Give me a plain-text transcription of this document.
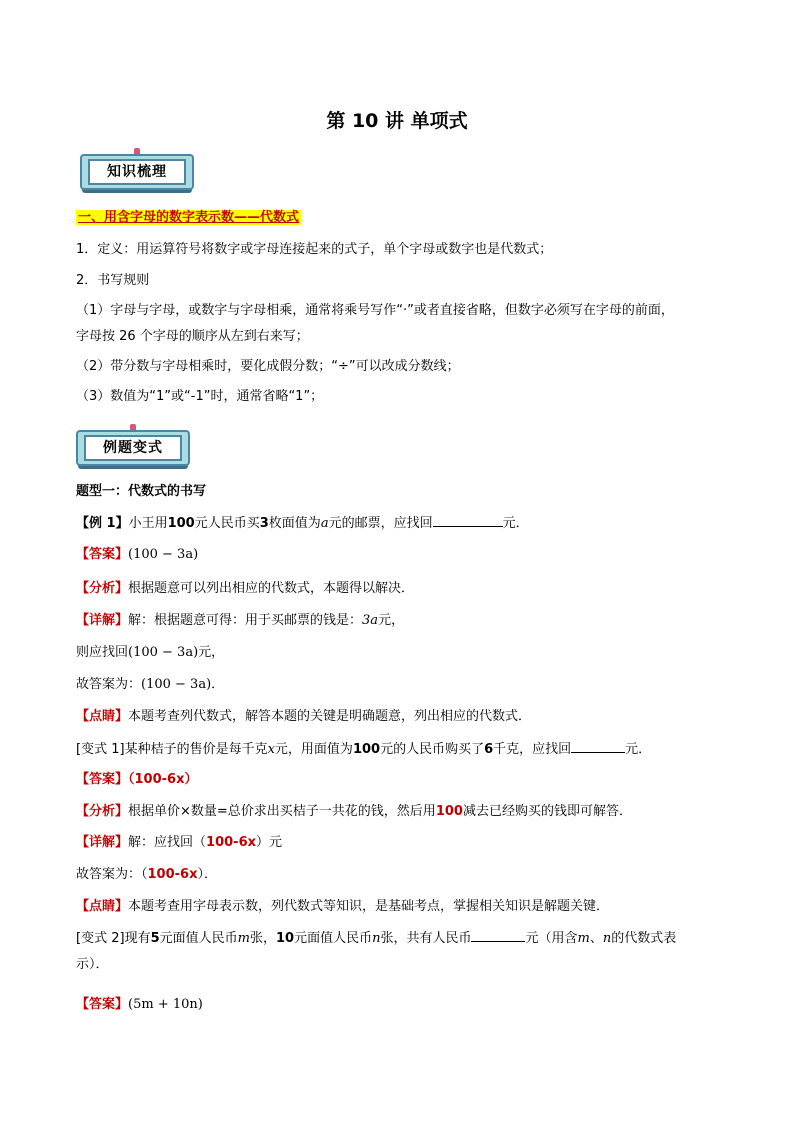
第 10 讲 单项式
知识梳理
一、用含字母的数字表示数——代数式
1．定义：用运算符号将数字或字母连接起来的式子，单个字母或数字也是代数式；
2．书写规则
（1）字母与字母，或数字与字母相乘，通常将乘号写作“·”或者直接省略，但数字必须写在字母的前面，
字母按 26 个字母的顺序从左到右来写；
（2）带分数与字母相乘时，要化成假分数；“÷”可以改成分数线；
（3）数值为“1”或“-1”时，通常省略“1”；
例题变式
题型一：代数式的书写
【例 1】小王用100元人民币买3枚面值为a元的邮票，应找回	元．
【答案】(100 − 3a)
【分析】根据题意可以列出相应的代数式，本题得以解决．
【详解】解：根据题意可得：用于买邮票的钱是：3a元，
则应找回(100 − 3a)元，
故答案为：(100 − 3a)．
【点睛】本题考查列代数式，解答本题的关键是明确题意，列出相应的代数式．
[变式 1]某种桔子的售价是每千克x元，用面值为100元的人民币购买了6千克，应找回	元．
【答案】（100-6x）
【分析】根据单价×数量=总价求出买桔子一共花的钱，然后用100减去已经购买的钱即可解答．
【详解】解：应找回（100-6x）元
故答案为：（100-6x）．
【点睛】本题考查用字母表示数，列代数式等知识，是基础考点，掌握相关知识是解题关键．
[变式 2]现有5元面值人民币m张，10元面值人民币n张，共有人民币	元（用含m、n的代数式表
示）．
【答案】(5m + 10n)
